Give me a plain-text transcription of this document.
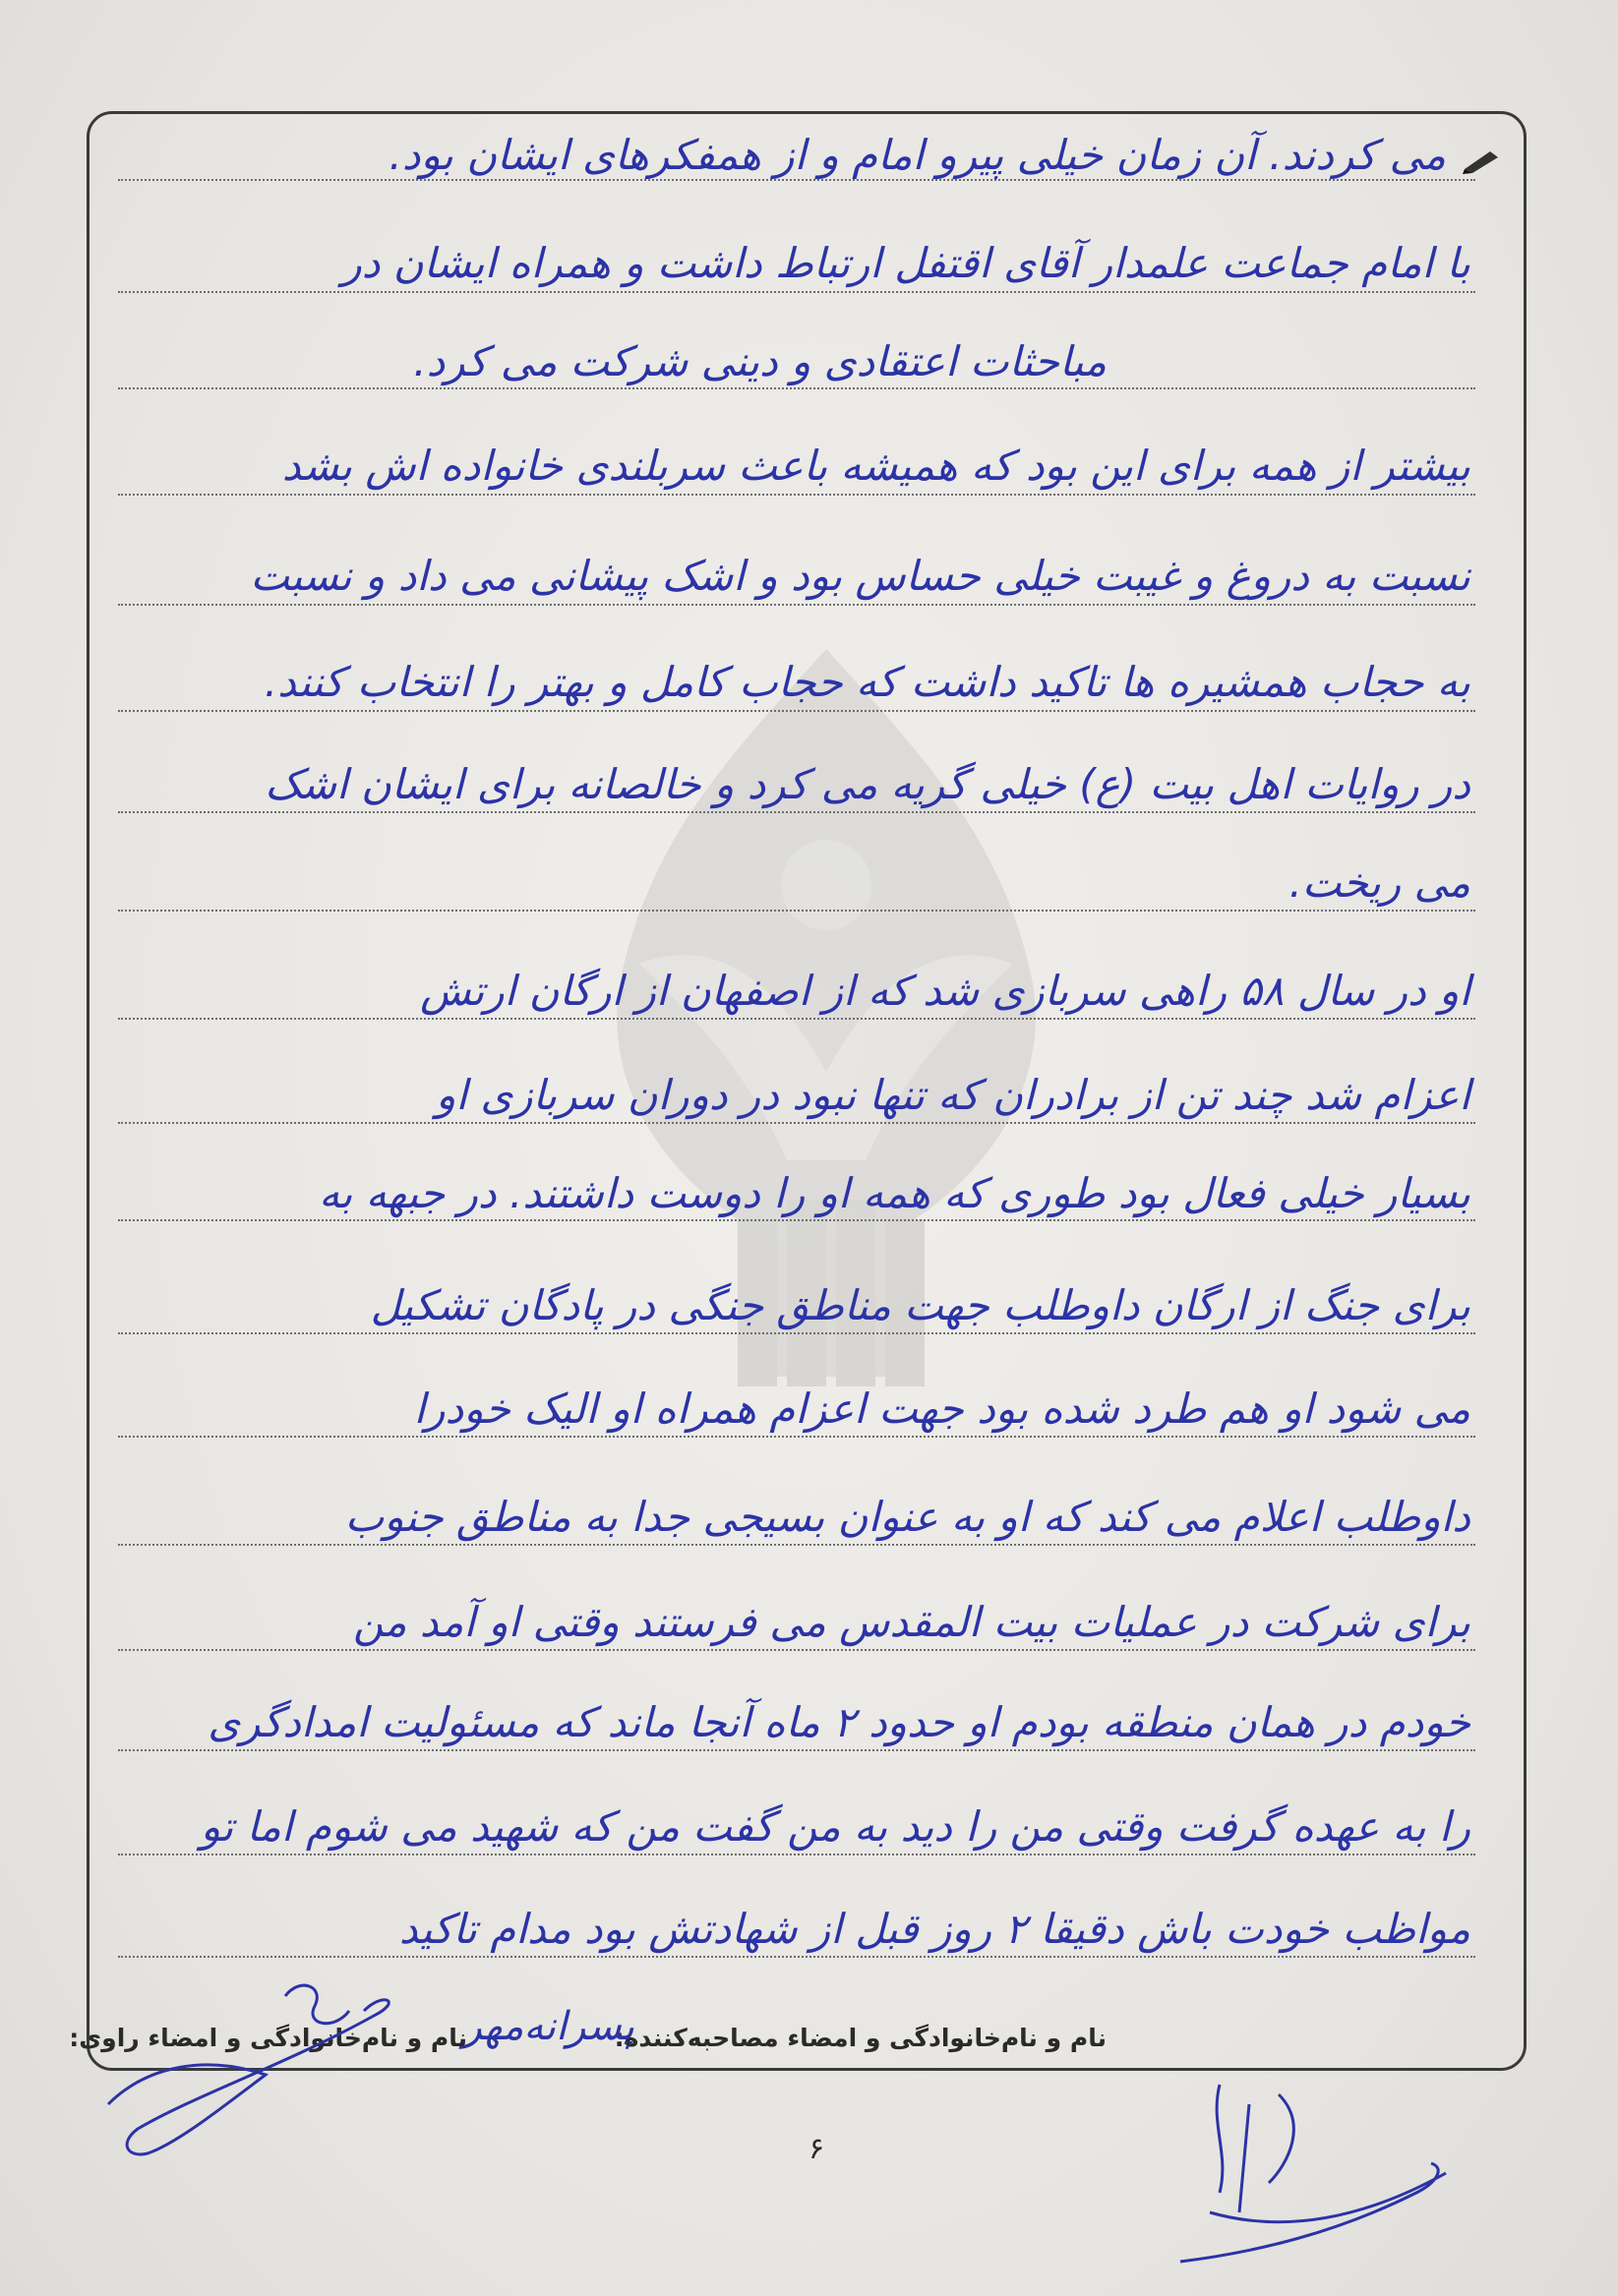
می کردند. آن زمان خیلی پیرو امام و از همفکرهای ایشان بود.
با امام جماعت علمدار آقای اقتفل ارتباط داشت و همراه ایشان در
مباحثات اعتقادی و دینی شرکت می کرد.
بیشتر از همه برای این بود که همیشه باعث سربلندی خانواده اش بشد
نسبت به دروغ و غیبت خیلی حساس بود و اشک پیشانی می داد و نسبت
به حجاب همشیره ها تاکید داشت که حجاب کامل و بهتر را انتخاب کنند.
در روایات اهل بیت (ع) خیلی گریه می کرد و خالصانه برای ایشان اشک
می ریخت.
او در سال ۵۸ راهی سربازی شد که از اصفهان از ارگان ارتش
اعزام شد چند تن از برادران که تنها نبود در دوران سربازی او
بسیار خیلی فعال بود طوری که همه او را دوست داشتند. در جبهه به
برای جنگ از ارگان داوطلب جهت مناطق جنگی در پادگان تشکیل
می شود او هم طرد شده بود جهت اعزام همراه او الیک خودرا
داوطلب اعلام می کند که او به عنوان بسیجی جدا به مناطق جنوب
برای شرکت در عملیات بیت المقدس می فرستند وقتی او آمد من
خودم در همان منطقه بودم او حدود ۲ ماه آنجا ماند که مسئولیت امدادگری
را به عهده گرفت وقتی من را دید به من گفت من که شهید می شوم اما تو
مواظب خودت باش دقیقا ۲ روز قبل از شهادتش بود مدام تاکید
نام و نام‌خانوادگی و امضاء مصاحبه‌کننده:
پسرانه‌مهر
نام و نام‌خانوادگی و امضاء راوی:
۶
